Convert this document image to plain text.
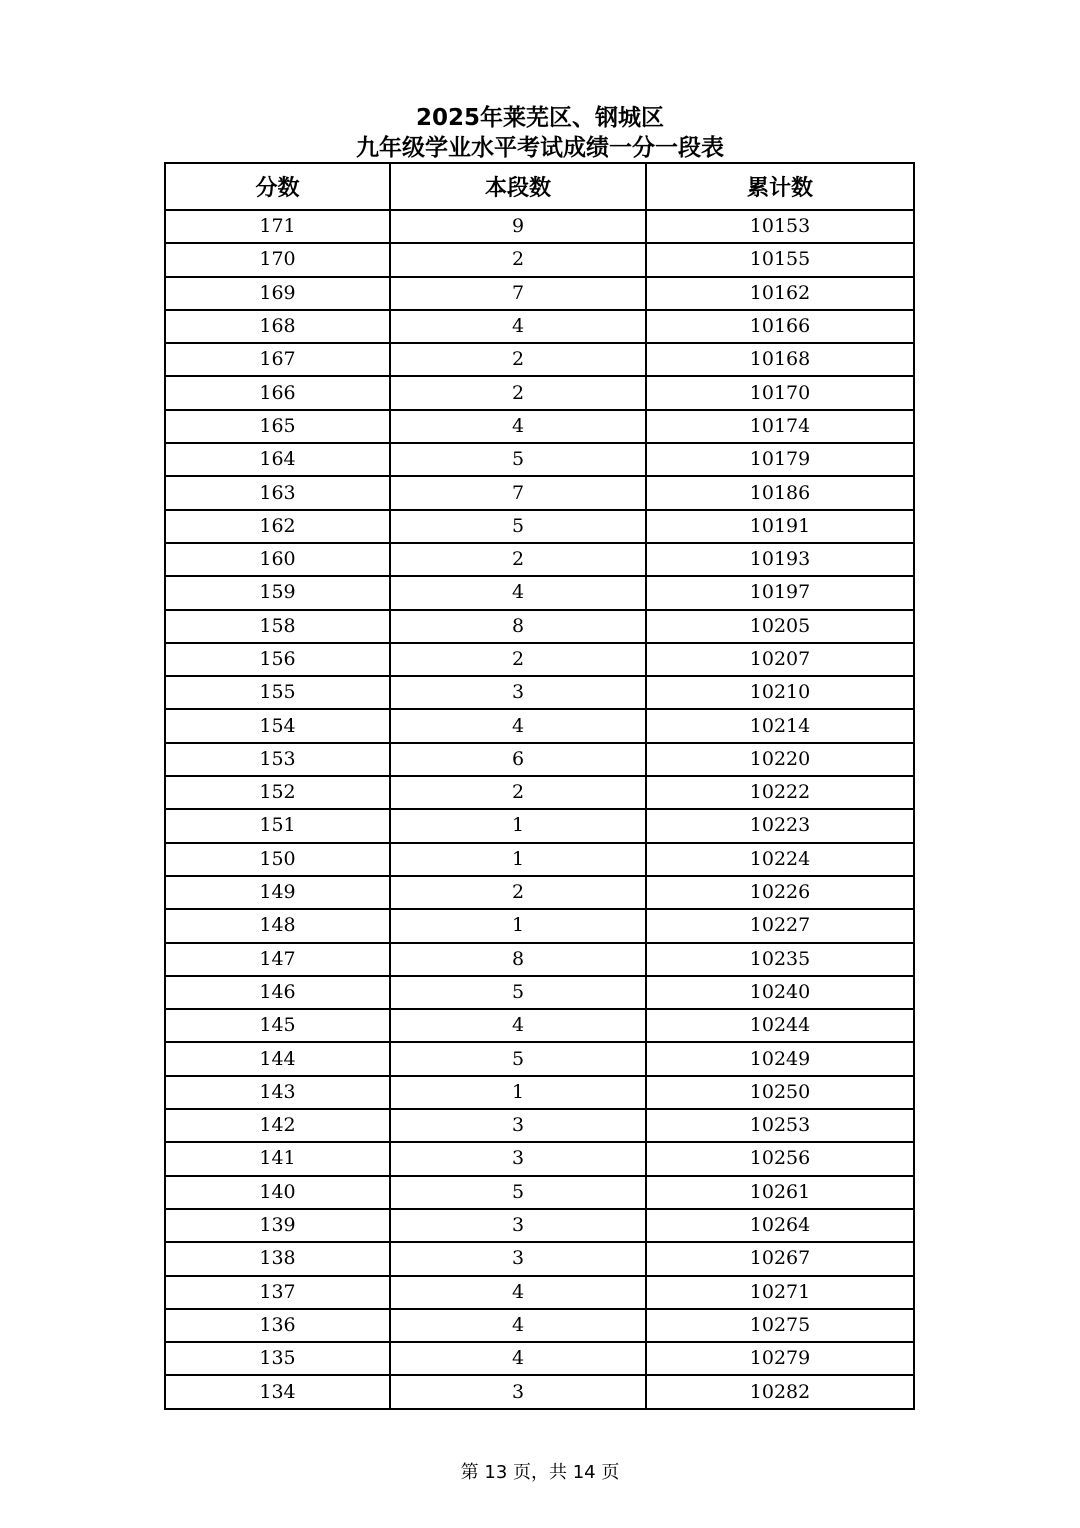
2025年莱芜区、钢城区
九年级学业水平考试成绩一分一段表
分数	本段数	累计数
171	9	10153
170	2	10155
169	7	10162
168	4	10166
167	2	10168
166	2	10170
165	4	10174
164	5	10179
163	7	10186
162	5	10191
160	2	10193
159	4	10197
158	8	10205
156	2	10207
155	3	10210
154	4	10214
153	6	10220
152	2	10222
151	1	10223
150	1	10224
149	2	10226
148	1	10227
147	8	10235
146	5	10240
145	4	10244
144	5	10249
143	1	10250
142	3	10253
141	3	10256
140	5	10261
139	3	10264
138	3	10267
137	4	10271
136	4	10275
135	4	10279
134	3	10282
第 13 页，共 14 页
